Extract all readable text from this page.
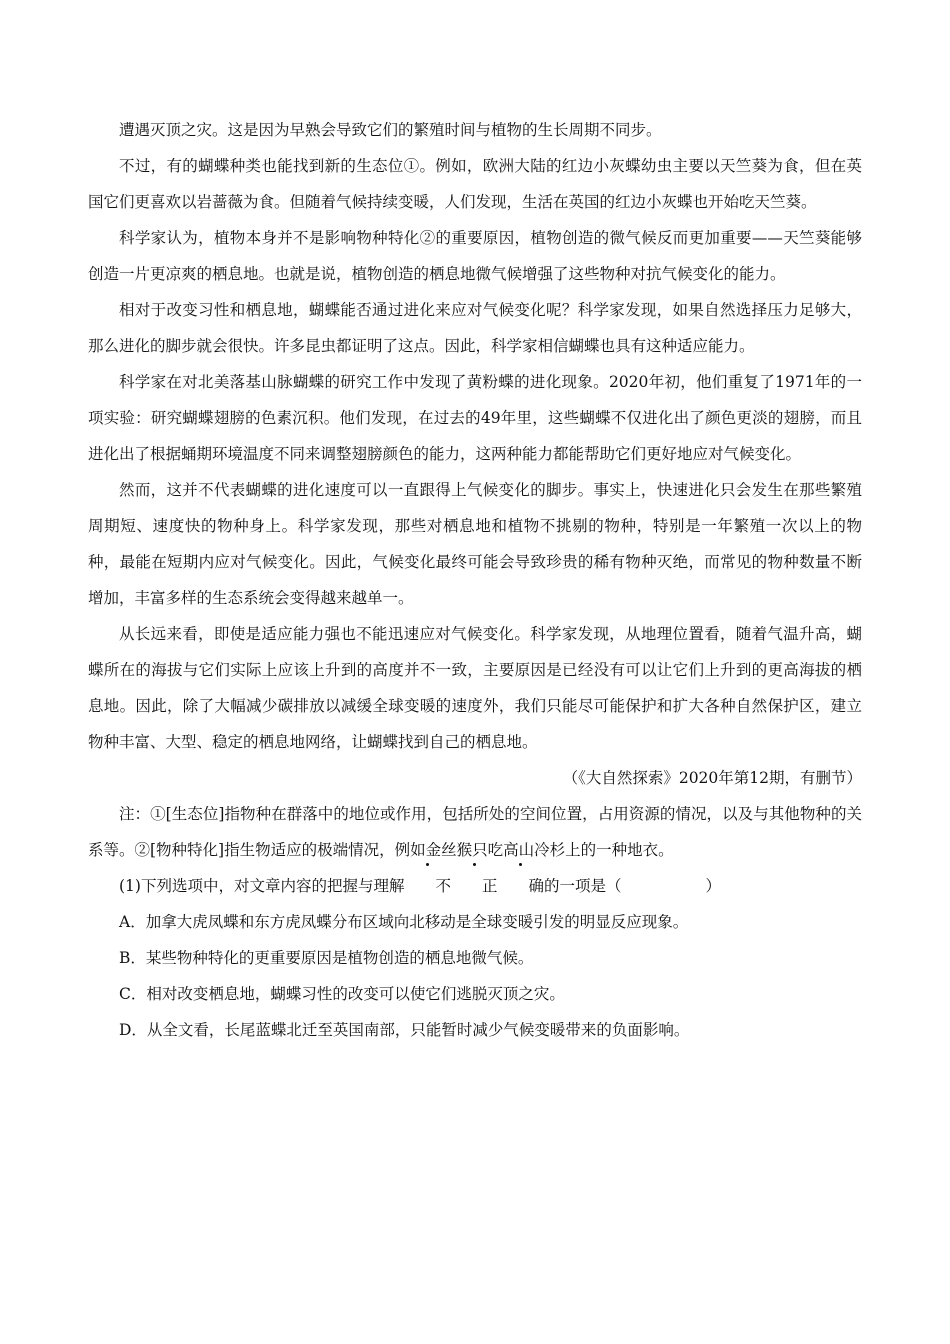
遭遇灭顶之灾。这是因为早熟会导致它们的繁殖时间与植物的生长周期不同步。

不过，有的蝴蝶种类也能找到新的生态位①。例如，欧洲大陆的红边小灰蝶幼虫主要以天竺葵为食，但在英国它们更喜欢以岩蔷薇为食。但随着气候持续变暖，人们发现，生活在英国的红边小灰蝶也开始吃天竺葵。

科学家认为，植物本身并不是影响物种特化②的重要原因，植物创造的微气候反而更加重要——天竺葵能够创造一片更凉爽的栖息地。也就是说，植物创造的栖息地微气候增强了这些物种对抗气候变化的能力。

相对于改变习性和栖息地，蝴蝶能否通过进化来应对气候变化呢？科学家发现，如果自然选择压力足够大，那么进化的脚步就会很快。许多昆虫都证明了这点。因此，科学家相信蝴蝶也具有这种适应能力。

科学家在对北美落基山脉蝴蝶的研究工作中发现了黄粉蝶的进化现象。2020年初，他们重复了1971年的一项实验：研究蝴蝶翅膀的色素沉积。他们发现，在过去的49年里，这些蝴蝶不仅进化出了颜色更淡的翅膀，而且进化出了根据蛹期环境温度不同来调整翅膀颜色的能力，这两种能力都能帮助它们更好地应对气候变化。

然而，这并不代表蝴蝶的进化速度可以一直跟得上气候变化的脚步。事实上，快速进化只会发生在那些繁殖周期短、速度快的物种身上。科学家发现，那些对栖息地和植物不挑剔的物种，特别是一年繁殖一次以上的物种，最能在短期内应对气候变化。因此，气候变化最终可能会导致珍贵的稀有物种灭绝，而常见的物种数量不断增加，丰富多样的生态系统会变得越来越单一。

从长远来看，即使是适应能力强也不能迅速应对气候变化。科学家发现，从地理位置看，随着气温升高，蝴蝶所在的海拔与它们实际上应该上升到的高度并不一致，主要原因是已经没有可以让它们上升到的更高海拔的栖息地。因此，除了大幅减少碳排放以减缓全球变暖的速度外，我们只能尽可能保护和扩大各种自然保护区，建立物种丰富、大型、稳定的栖息地网络，让蝴蝶找到自己的栖息地。

（《大自然探索》2020年第12期，有删节）

注：①[生态位]指物种在群落中的地位或作用，包括所处的空间位置，占用资源的情况，以及与其他物种的关系等。②[物种特化]指生物适应的极端情况，例如金丝猴只吃高山冷杉上的一种地衣。

(1)下列选项中，对文章内容的把握与理解 不 正 确的一项是（	）

A．加拿大虎凤蝶和东方虎凤蝶分布区域向北移动是全球变暖引发的明显反应现象。

B．某些物种特化的更重要原因是植物创造的栖息地微气候。

C．相对改变栖息地，蝴蝶习性的改变可以使它们逃脱灭顶之灾。

D．从全文看，长尾蓝蝶北迁至英国南部，只能暂时减少气候变暖带来的负面影响。
